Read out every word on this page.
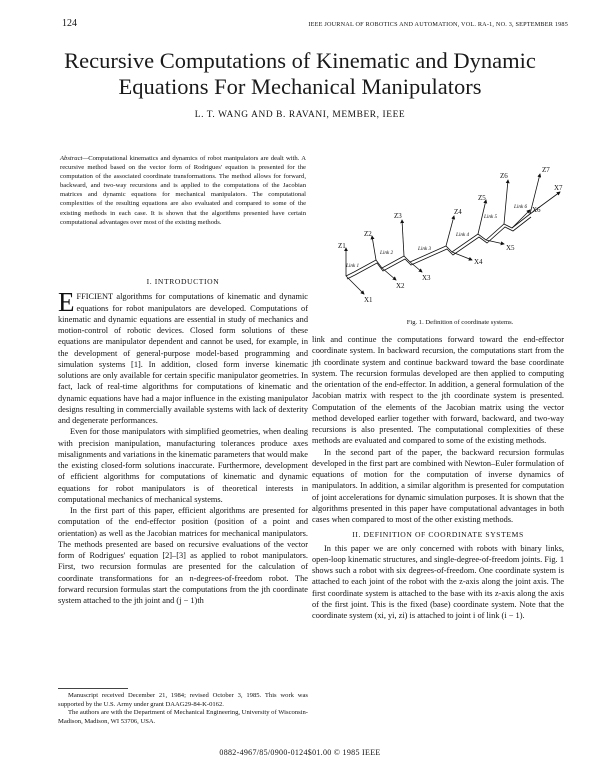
124	IEEE JOURNAL OF ROBOTICS AND AUTOMATION, VOL. RA-1, NO. 3, SEPTEMBER 1985
Recursive Computations of Kinematic and Dynamic
Equations For Mechanical Manipulators
L. T. WANG AND B. RAVANI, MEMBER, IEEE
Abstract—Computational kinematics and dynamics of robot manipulators are dealt with. A recursive method based on the vector form of Rodrigues' equation is presented for the computation of the associated coordinate transformations. The method allows for forward, backward, and two-way recursions and is applied to the computations of the Jacobian matrices and dynamic equations for mechanical manipulators. The computational complexities of the resulting equations are also evaluated and compared to some of the existing methods in each case. It is shown that the algorithms presented have certain computational advantages over most of the existing methods.
Z1
X1
Z2
X2
Z3
X3
Z4
X4
Z5
X5
Z6
X6
Z7
X7
Link 1
Link 2
Link 3
Link 4
Link 5
Link 6
Fig. 1. Definition of coordinate systems.
I. INTRODUCTION

EFFICIENT algorithms for computations of kinematic and dynamic equations for robot manipulators are developed. Computations of kinematic and dynamic equations are essential in study of mechanics and motion-control of robotic devices. Closed form solutions of these equations are manipulator dependent and cannot be used, for example, in the development of general-purpose model-based programming and simulation systems [1]. In addition, closed form inverse kinematic solutions are only available for certain specific manipulator geometries. In fact, lack of real-time algorithms for computations of kinematic and dynamic equations have had a major influence in the existing manipulator designs resulting in commercially available systems with lack of dexterity and degenerate performances.

Even for those manipulators with simplified geometries, when dealing with precision manipulation, manufacturing tolerances produce axes misalignments and variations in the kinematic parameters that would make the existing closed-form solutions inaccurate. Furthermore, development of efficient algorithms for computations of kinematic and dynamic equations for robot manipulators is of theoretical interests in computational mechanics of mechanical systems.

In the first part of this paper, efficient algorithms are presented for computation of the end-effector position (position of a point and orientation) as well as the Jacobian matrices for mechanical manipulators. The methods presented are based on recursive evaluations of the vector form of Rodrigues' equation [2]–[3] as applied to robot manipulators. First, two recursion formulas are presented for the calculation of coordinate transformations for an n-degrees-of-freedom robot. The forward recursion formulas start the computations from the jth coordinate system attached to the jth joint and (j − 1)th

link and continue the computations forward toward the end-effector coordinate system. In backward recursion, the computations start from the jth coordinate system and continue backward toward the base coordinate system. The recursion formulas developed are then applied to computing the orientation of the end-effector. In addition, a general formulation of the Jacobian matrix with respect to the jth coordinate system is presented. Computation of the elements of the Jacobian matrix using the vector method developed earlier together with forward, backward, and two-way recursions is also presented. The computational complexities of these methods are evaluated and compared to some of the existing methods.

In the second part of the paper, the backward recursion formulas developed in the first part are combined with Newton–Euler formulation of equations of motion for the computation of inverse dynamics of manipulators. In addition, a similar algorithm is presented for computation of joint accelerations for dynamic simulation purposes. It is shown that the algorithms presented in this paper have computational advantages in both cases when compared to most of the other existing methods.

II. DEFINITION OF COORDINATE SYSTEMS

In this paper we are only concerned with robots with binary links, open-loop kinematic structures, and single-degree-of-freedom joints. Fig. 1 shows such a robot with six degrees-of-freedom. One coordinate system is attached to each joint of the robot with the z-axis along the joint axis. The first coordinate system is attached to the base with its z-axis along the axis of the first joint. This is the fixed (base) coordinate system. Note that the coordinate system (xi, yi, zi) is attached to joint i of link (i − 1).

Manuscript received December 21, 1984; revised October 3, 1985. This work was supported by the U.S. Army under grant DAAG29-84-K-0162.

The authors are with the Department of Mechanical Engineering, University of Wisconsin-Madison, Madison, WI 53706, USA.

0882-4967/85/0900-0124$01.00 © 1985 IEEE
